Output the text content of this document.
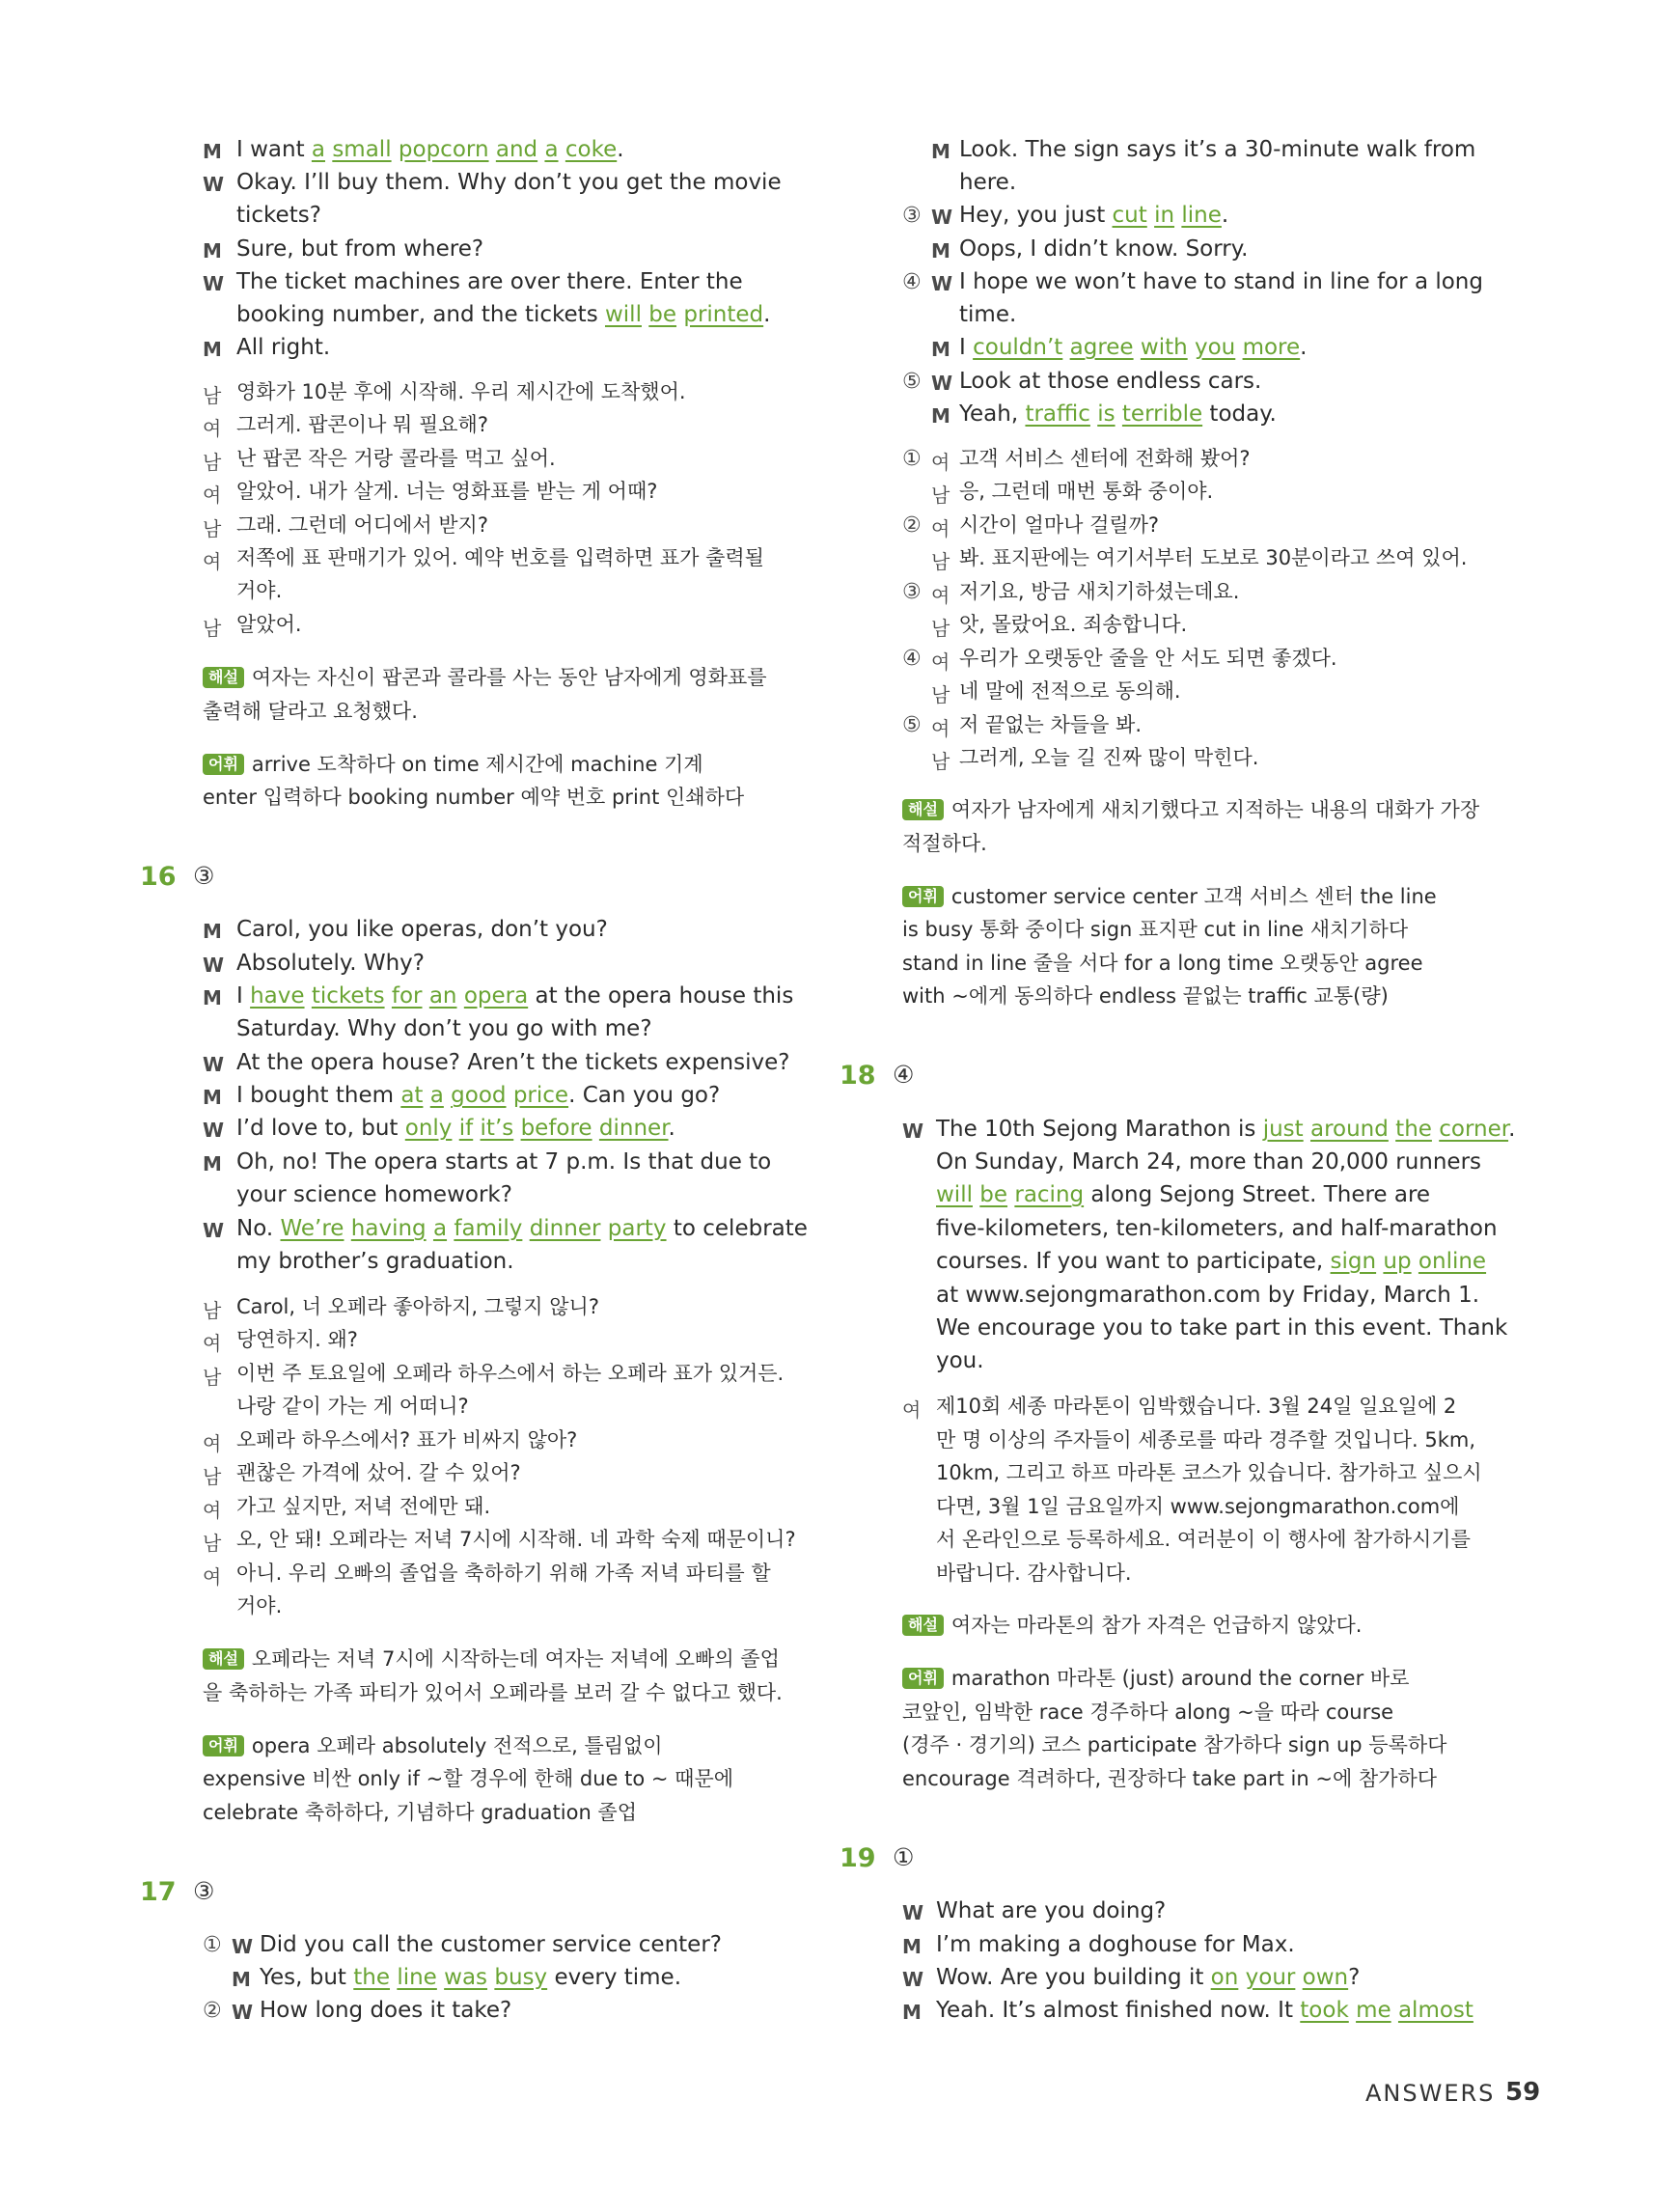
M I want a small popcorn and a coke.
W Okay. I’ll buy them. Why don’t you get the movie
tickets?
M Sure, but from where?
W The ticket machines are over there. Enter the
booking number, and the tickets will be printed.
M All right.
남 영화가 10분 후에 시작해. 우리 제시간에 도착했어.
여 그러게. 팝콘이나 뭐 필요해?
남 난 팝콘 작은 거랑 콜라를 먹고 싶어.
여 알았어. 내가 살게. 너는 영화표를 받는 게 어때?
남 그래. 그런데 어디에서 받지?
여 저쪽에 표 판매기가 있어. 예약 번호를 입력하면 표가 출력될
거야.
남 알았어.
해설 여자는 자신이 팝콘과 콜라를 사는 동안 남자에게 영화표를
출력해 달라고 요청했다.
어휘 arrive 도착하다 on time 제시간에 machine 기계
enter 입력하다 booking number 예약 번호 print 인쇄하다
16 ③
M Carol, you like operas, don’t you?
W Absolutely. Why?
M I have tickets for an opera at the opera house this
Saturday. Why don’t you go with me?
W At the opera house? Aren’t the tickets expensive?
M I bought them at a good price. Can you go?
W I’d love to, but only if it’s before dinner.
M Oh, no! The opera starts at 7 p.m. Is that due to
your science homework?
W No. We’re having a family dinner party to celebrate
my brother’s graduation.
남 Carol, 너 오페라 좋아하지, 그렇지 않니?
여 당연하지. 왜?
남 이번 주 토요일에 오페라 하우스에서 하는 오페라 표가 있거든.
나랑 같이 가는 게 어떠니?
여 오페라 하우스에서? 표가 비싸지 않아?
남 괜찮은 가격에 샀어. 갈 수 있어?
여 가고 싶지만, 저녁 전에만 돼.
남 오, 안 돼! 오페라는 저녁 7시에 시작해. 네 과학 숙제 때문이니?
여 아니. 우리 오빠의 졸업을 축하하기 위해 가족 저녁 파티를 할
거야.
해설 오페라는 저녁 7시에 시작하는데 여자는 저녁에 오빠의 졸업
을 축하하는 가족 파티가 있어서 오페라를 보러 갈 수 없다고 했다.
어휘 opera 오페라 absolutely 전적으로, 틀림없이
expensive 비싼 only if ~할 경우에 한해 due to ~ 때문에
celebrate 축하하다, 기념하다 graduation 졸업
17 ③
① W Did you call the customer service center?
M Yes, but the line was busy every time.
② W How long does it take?
M Look. The sign says it’s a 30-minute walk from
here.
③ W Hey, you just cut in line.
M Oops, I didn’t know. Sorry.
④ W I hope we won’t have to stand in line for a long
time.
M I couldn’t agree with you more.
⑤ W Look at those endless cars.
M Yeah, traffic is terrible today.
① 여 고객 서비스 센터에 전화해 봤어?
남 응, 그런데 매번 통화 중이야.
② 여 시간이 얼마나 걸릴까?
남 봐. 표지판에는 여기서부터 도보로 30분이라고 쓰여 있어.
③ 여 저기요, 방금 새치기하셨는데요.
남 앗, 몰랐어요. 죄송합니다.
④ 여 우리가 오랫동안 줄을 안 서도 되면 좋겠다.
남 네 말에 전적으로 동의해.
⑤ 여 저 끝없는 차들을 봐.
남 그러게, 오늘 길 진짜 많이 막힌다.
해설 여자가 남자에게 새치기했다고 지적하는 내용의 대화가 가장
적절하다.
어휘 customer service center 고객 서비스 센터 the line
is busy 통화 중이다 sign 표지판 cut in line 새치기하다
stand in line 줄을 서다 for a long time 오랫동안 agree
with ~에게 동의하다 endless 끝없는 traffic 교통(량)
18 ④
W The 10th Sejong Marathon is just around the corner.
On Sunday, March 24, more than 20,000 runners
will be racing along Sejong Street. There are
five-kilometers, ten-kilometers, and half-marathon
courses. If you want to participate, sign up online
at www.sejongmarathon.com by Friday, March 1.
We encourage you to take part in this event. Thank
you.
여 제10회 세종 마라톤이 임박했습니다. 3월 24일 일요일에 2
만 명 이상의 주자들이 세종로를 따라 경주할 것입니다. 5km,
10km, 그리고 하프 마라톤 코스가 있습니다. 참가하고 싶으시
다면, 3월 1일 금요일까지 www.sejongmarathon.com에
서 온라인으로 등록하세요. 여러분이 이 행사에 참가하시기를
바랍니다. 감사합니다.
해설 여자는 마라톤의 참가 자격은 언급하지 않았다.
어휘 marathon 마라톤 (just) around the corner 바로
코앞인, 임박한 race 경주하다 along ~을 따라 course
(경주 · 경기의) 코스 participate 참가하다 sign up 등록하다
encourage 격려하다, 권장하다 take part in ~에 참가하다
19 ①
W What are you doing?
M I’m making a doghouse for Max.
W Wow. Are you building it on your own?
M Yeah. It’s almost finished now. It took me almost
ANSWERS 59
